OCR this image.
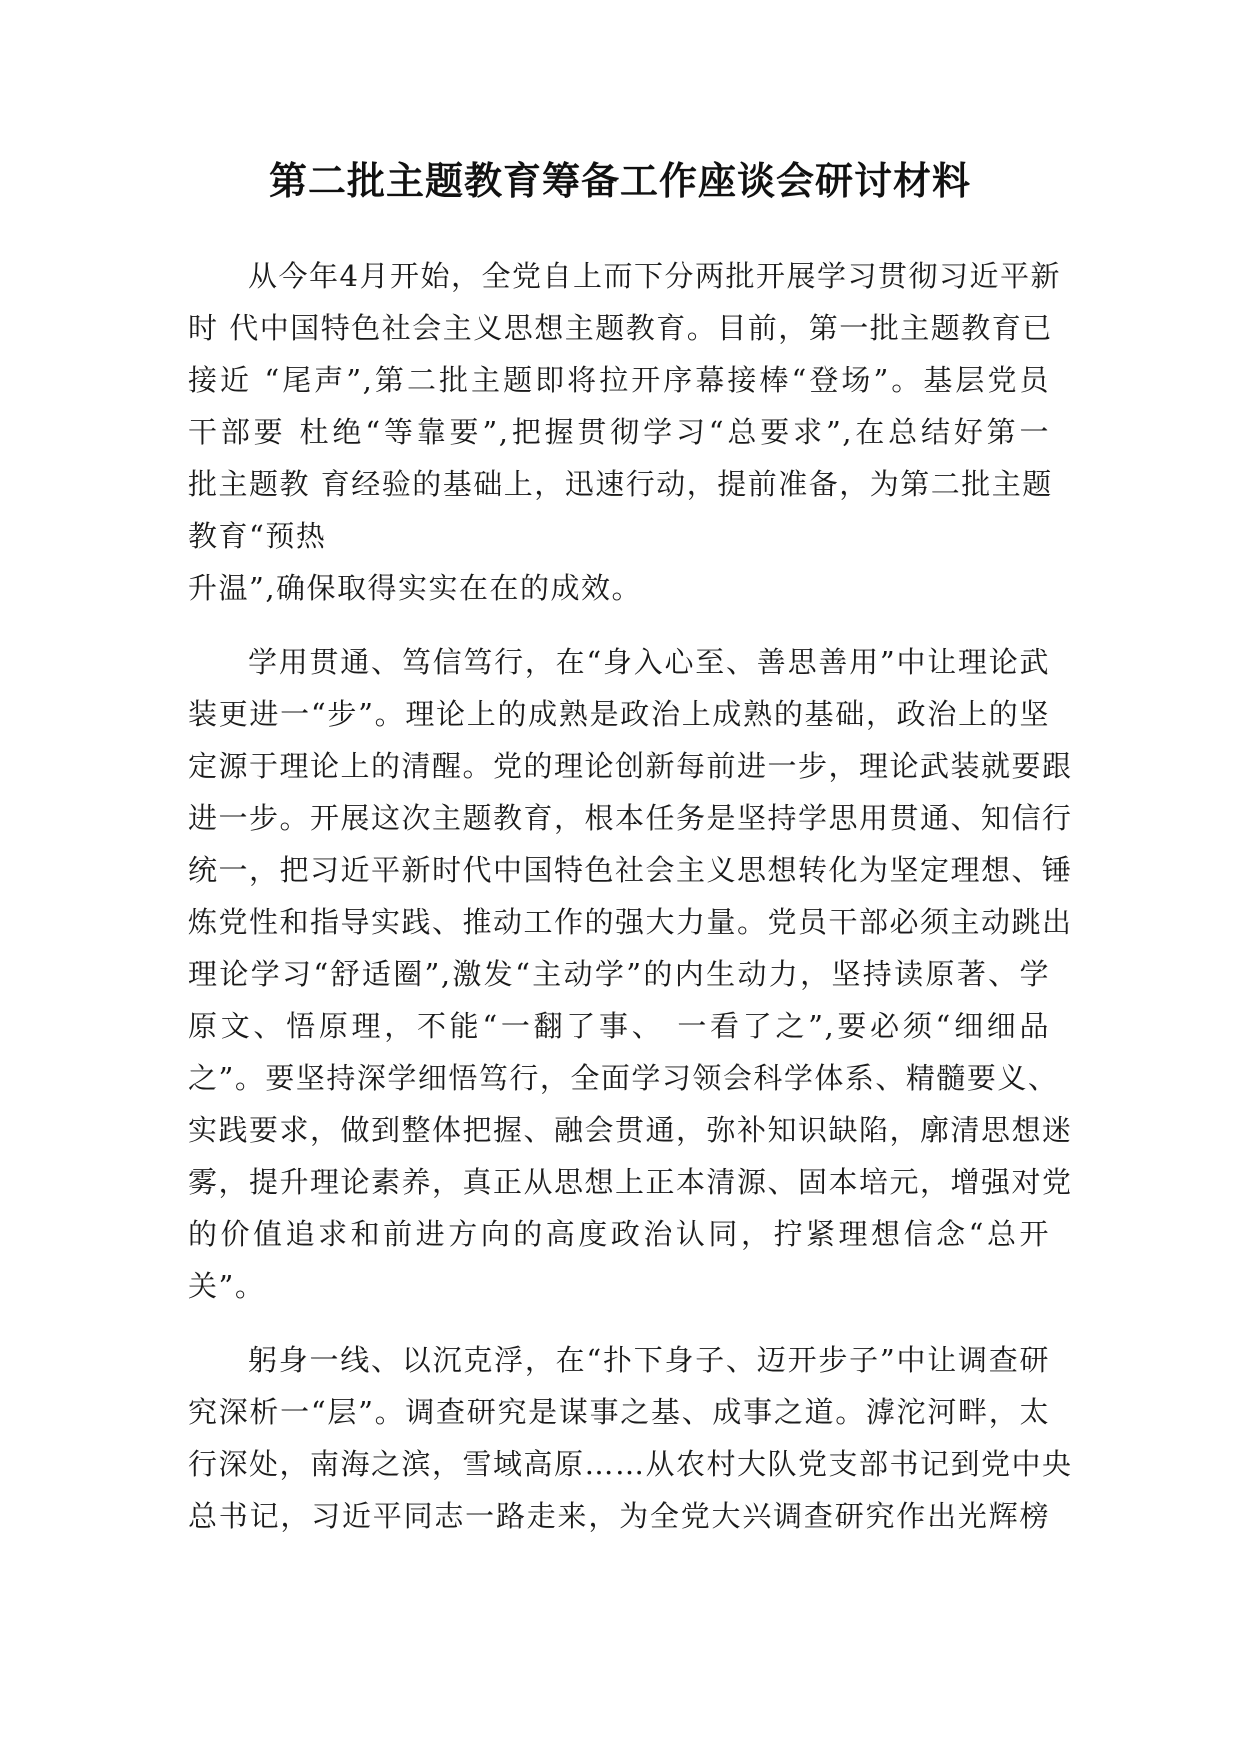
第二批主题教育筹备工作座谈会研讨材料

从今年4月开始，全党自上而下分两批开展学习贯彻习近平新
时 代中国特色社会主义思想主题教育。目前，第一批主题教育已
接近 “尾声”,第二批主题即将拉开序幕接棒“登场”。基层党员
干部要 杜绝“等靠要”,把握贯彻学习“总要求”,在总结好第一
批主题教 育经验的基础上，迅速行动，提前准备，为第二批主题
教育“预热
升温”,确保取得实实在在的成效。

学用贯通、笃信笃行，在“身入心至、善思善用”中让理论武
装更进一“步”。理论上的成熟是政治上成熟的基础，政治上的坚
定源于理论上的清醒。党的理论创新每前进一步，理论武装就要跟
进一步。开展这次主题教育，根本任务是坚持学思用贯通、知信行
统一，把习近平新时代中国特色社会主义思想转化为坚定理想、锤
炼党性和指导实践、推动工作的强大力量。党员干部必须主动跳出
理论学习“舒适圈”,激发“主动学”的内生动力，坚持读原著、学
原文、悟原理，不能“一翻了事、 一看了之”,要必须“细细品
之”。要坚持深学细悟笃行，全面学习领会科学体系、精髓要义、
实践要求，做到整体把握、融会贯通，弥补知识缺陷，廓清思想迷
雾，提升理论素养，真正从思想上正本清源、固本培元，增强对党
的价值追求和前进方向的高度政治认同，拧紧理想信念“总开
关”。

躬身一线、以沉克浮，在“扑下身子、迈开步子”中让调查研
究深析一“层”。调查研究是谋事之基、成事之道。滹沱河畔，太
行深处，南海之滨，雪域高原……从农村大队党支部书记到党中央
总书记，习近平同志一路走来，为全党大兴调查研究作出光辉榜
